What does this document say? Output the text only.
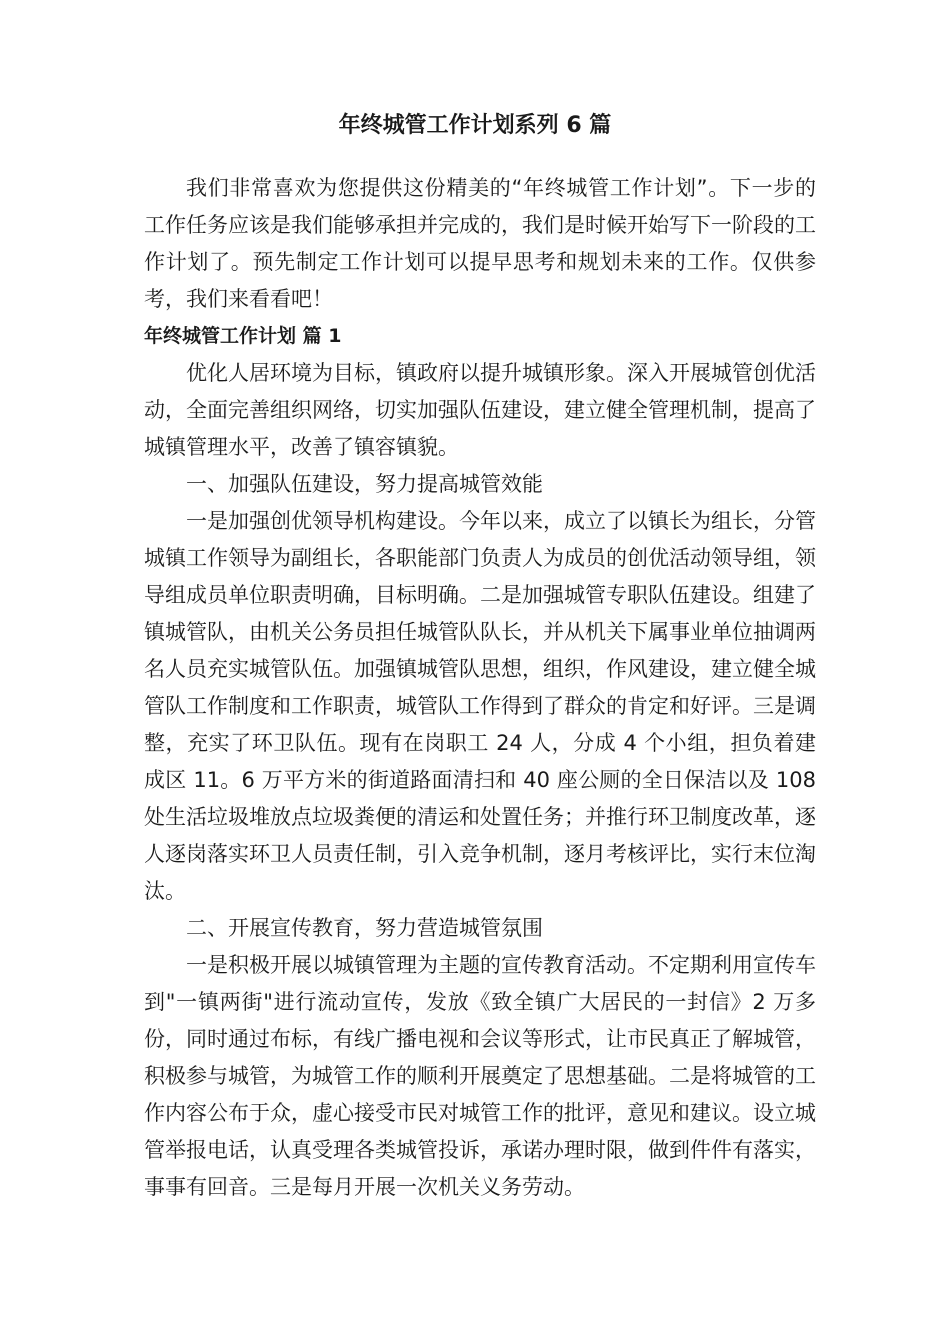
年终城管工作计划系列 6 篇

我们非常喜欢为您提供这份精美的“年终城管工作计划”。下一步的工作任务应该是我们能够承担并完成的，我们是时候开始写下一阶段的工作计划了。预先制定工作计划可以提早思考和规划未来的工作。仅供参考，我们来看看吧！

年终城管工作计划 篇 1

优化人居环境为目标，镇政府以提升城镇形象。深入开展城管创优活动，全面完善组织网络，切实加强队伍建设，建立健全管理机制，提高了城镇管理水平，改善了镇容镇貌。

一、加强队伍建设，努力提高城管效能

一是加强创优领导机构建设。今年以来，成立了以镇长为组长，分管城镇工作领导为副组长，各职能部门负责人为成员的创优活动领导组，领导组成员单位职责明确，目标明确。二是加强城管专职队伍建设。组建了镇城管队，由机关公务员担任城管队队长，并从机关下属事业单位抽调两名人员充实城管队伍。加强镇城管队思想，组织，作风建设，建立健全城管队工作制度和工作职责，城管队工作得到了群众的肯定和好评。三是调整，充实了环卫队伍。现有在岗职工 24 人，分成 4 个小组，担负着建成区 11。6 万平方米的街道路面清扫和 40 座公厕的全日保洁以及 108 处生活垃圾堆放点垃圾粪便的清运和处置任务；并推行环卫制度改革，逐人逐岗落实环卫人员责任制，引入竞争机制，逐月考核评比，实行末位淘汰。

二、开展宣传教育，努力营造城管氛围

一是积极开展以城镇管理为主题的宣传教育活动。不定期利用宣传车到"一镇两街"进行流动宣传，发放《致全镇广大居民的一封信》2 万多份，同时通过布标，有线广播电视和会议等形式，让市民真正了解城管，积极参与城管，为城管工作的顺利开展奠定了思想基础。二是将城管的工作内容公布于众，虚心接受市民对城管工作的批评，意见和建议。设立城管举报电话，认真受理各类城管投诉，承诺办理时限，做到件件有落实，事事有回音。三是每月开展一次机关义务劳动。
